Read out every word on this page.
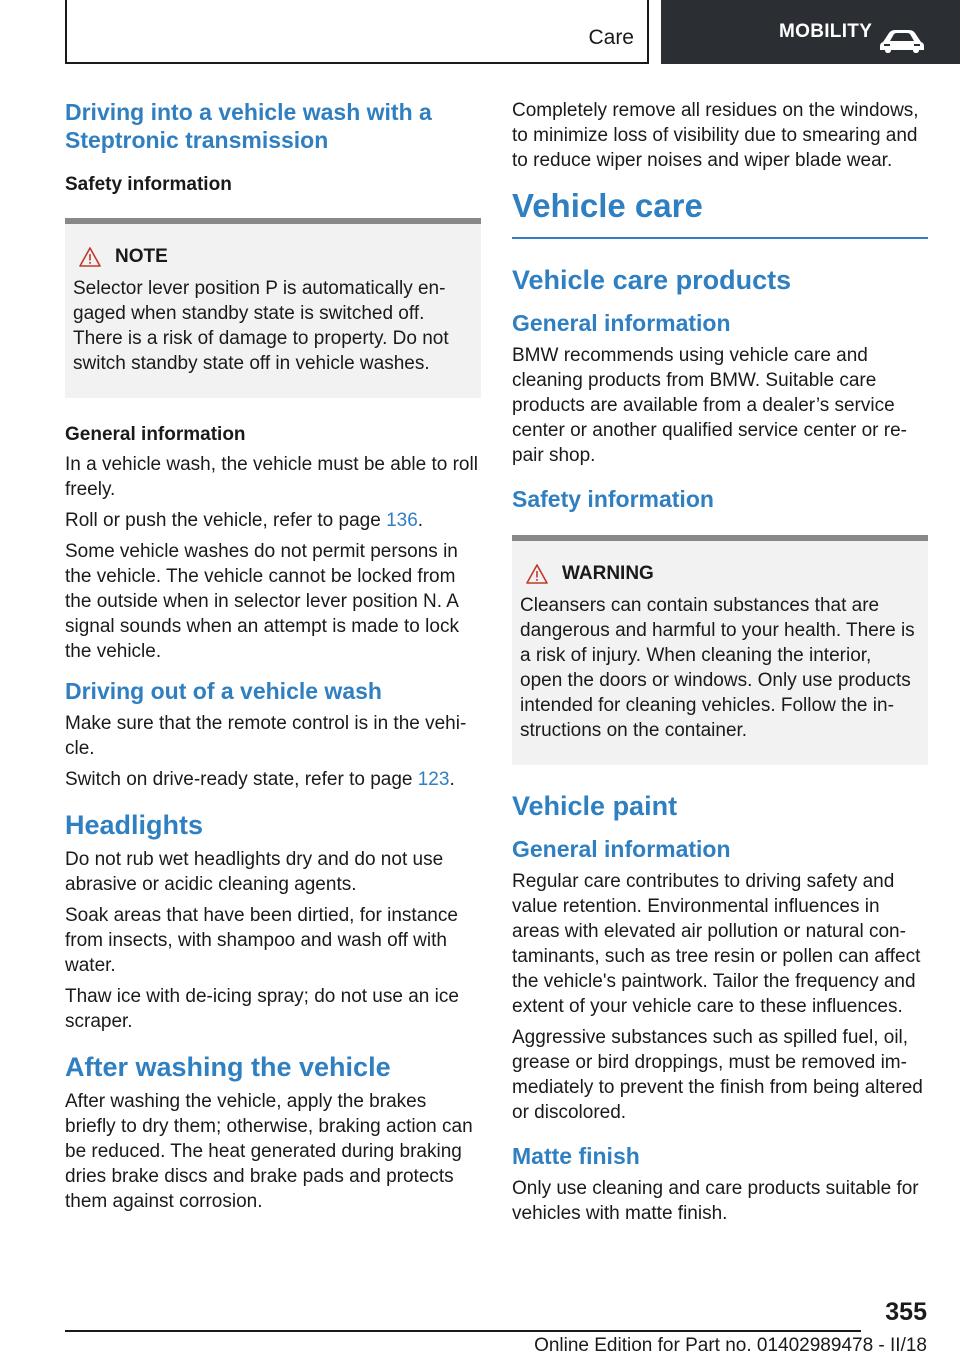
Care	MOBILITY
Driving into a vehicle wash with a Steptronic transmission
Safety information
NOTE

Selector lever position P is automatically engaged when standby state is switched off. There is a risk of damage to property. Do not switch standby state off in vehicle washes.

General information

In a vehicle wash, the vehicle must be able to roll freely.

Roll or push the vehicle, refer to page 136.

Some vehicle washes do not permit persons in the vehicle. The vehicle cannot be locked from the outside when in selector lever position N. A signal sounds when an attempt is made to lock the vehicle.

Driving out of a vehicle wash

Make sure that the remote control is in the vehicle.

Switch on drive-ready state, refer to page 123.

Headlights

Do not rub wet headlights dry and do not use abrasive or acidic cleaning agents.

Soak areas that have been dirtied, for instance from insects, with shampoo and wash off with water.

Thaw ice with de-icing spray; do not use an ice scraper.

After washing the vehicle

After washing the vehicle, apply the brakes briefly to dry them; otherwise, braking action can be reduced. The heat generated during braking dries brake discs and brake pads and protects them against corrosion.

Completely remove all residues on the windows, to minimize loss of visibility due to smearing and to reduce wiper noises and wiper blade wear.

Vehicle care
Vehicle care products
General information

BMW recommends using vehicle care and cleaning products from BMW. Suitable care products are available from a dealer’s service center or another qualified service center or repair shop.

Safety information
WARNING

Cleansers can contain substances that are dangerous and harmful to your health. There is a risk of injury. When cleaning the interior, open the doors or windows. Only use products intended for cleaning vehicles. Follow the instructions on the container.

Vehicle paint
General information

Regular care contributes to driving safety and value retention. Environmental influences in areas with elevated air pollution or natural contaminants, such as tree resin or pollen can affect the vehicle's paintwork. Tailor the frequency and extent of your vehicle care to these influences.

Aggressive substances such as spilled fuel, oil, grease or bird droppings, must be removed immediately to prevent the finish from being altered or discolored.

Matte finish

Only use cleaning and care products suitable for vehicles with matte finish.

355
Online Edition for Part no. 01402989478 - II/18
